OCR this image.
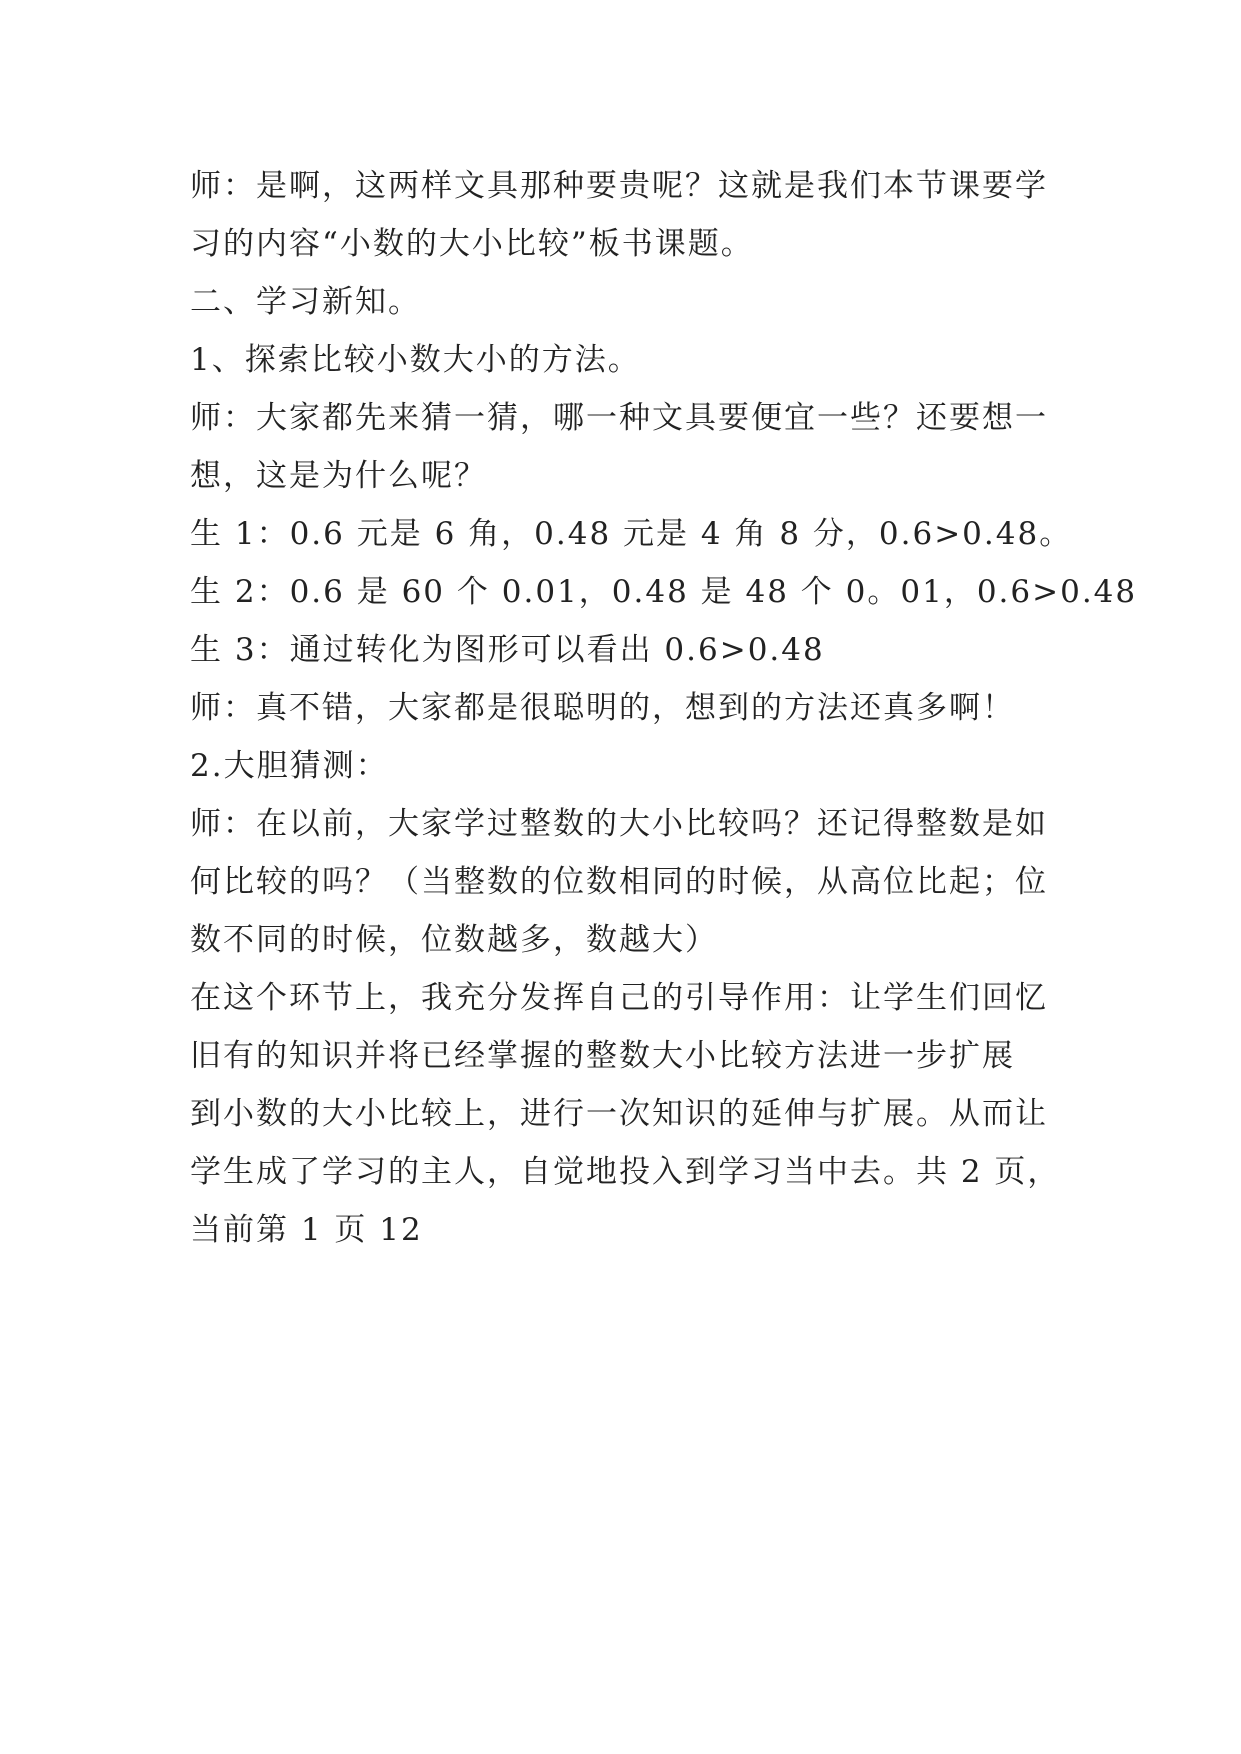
师：是啊，这两样文具那种要贵呢？这就是我们本节课要学
习的内容“小数的大小比较”板书课题。
二、学习新知。
1、探索比较小数大小的方法。
师：大家都先来猜一猜，哪一种文具要便宜一些？还要想一
想，这是为什么呢？
生 1：0.6 元是 6 角，0.48 元是 4 角 8 分，0.6>0.48。
生 2：0.6 是 60 个 0.01，0.48 是 48 个 0。01，0.6>0.48
生 3：通过转化为图形可以看出 0.6>0.48
师：真不错，大家都是很聪明的，想到的方法还真多啊！
2.大胆猜测：
师：在以前，大家学过整数的大小比较吗？还记得整数是如
何比较的吗？（当整数的位数相同的时候，从高位比起；位
数不同的时候，位数越多，数越大）
在这个环节上，我充分发挥自己的引导作用：让学生们回忆
旧有的知识并将已经掌握的整数大小比较方法进一步扩展
到小数的大小比较上，进行一次知识的延伸与扩展。从而让
学生成了学习的主人，自觉地投入到学习当中去。共 2 页，
当前第 1 页 12
